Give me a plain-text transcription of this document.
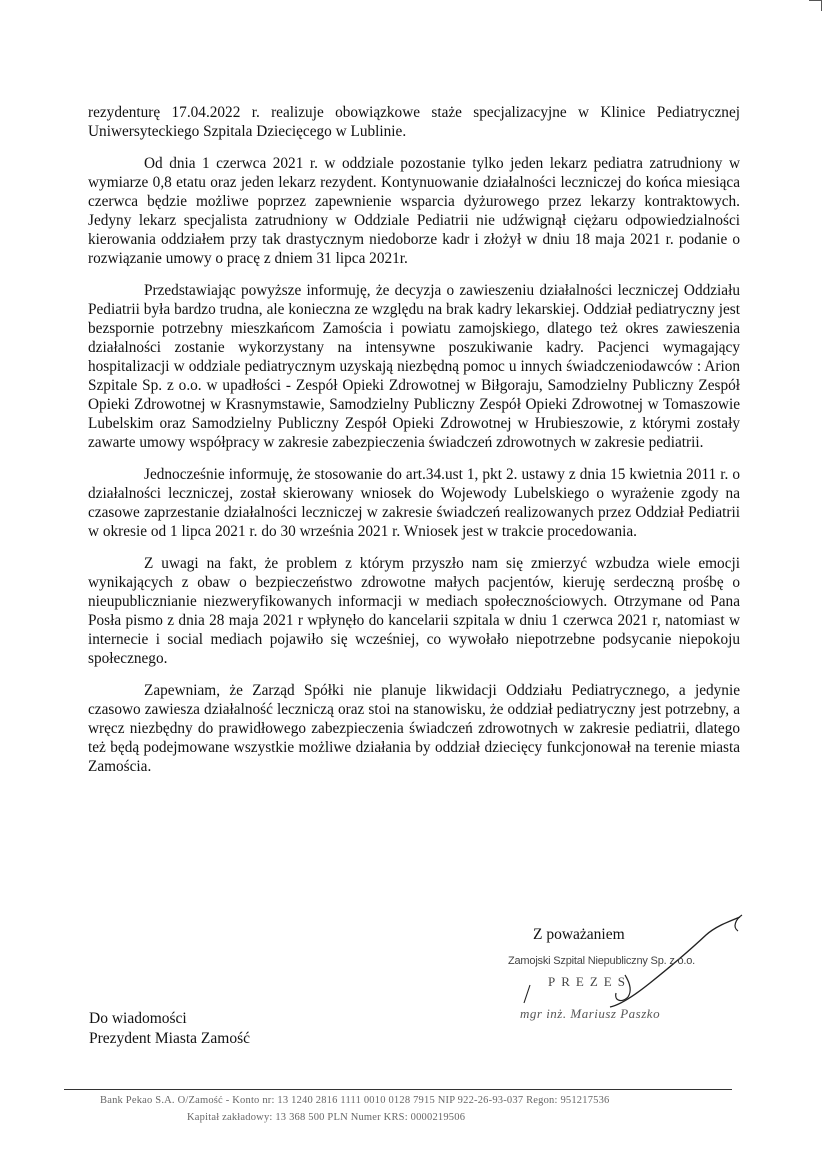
rezydenturę 17.04.2022 r. realizuje obowiązkowe staże specjalizacyjne w Klinice Pediatrycznej Uniwersyteckiego Szpitala Dziecięcego w Lublinie.

Od dnia 1 czerwca 2021 r. w oddziale pozostanie tylko jeden lekarz pediatra zatrudniony w wymiarze 0,8 etatu oraz jeden lekarz rezydent. Kontynuowanie działalności leczniczej do końca miesiąca czerwca będzie możliwe poprzez zapewnienie wsparcia dyżurowego przez lekarzy kontraktowych. Jedyny lekarz specjalista zatrudniony w Oddziale Pediatrii nie udźwignął ciężaru odpowiedzialności kierowania oddziałem przy tak drastycznym niedoborze kadr i złożył w dniu 18 maja 2021 r. podanie o rozwiązanie umowy o pracę z dniem 31 lipca 2021r.

Przedstawiając powyższe informuję, że decyzja o zawieszeniu działalności leczniczej Oddziału Pediatrii była bardzo trudna, ale konieczna ze względu na brak kadry lekarskiej. Oddział pediatryczny jest bezspornie potrzebny mieszkańcom Zamościa i powiatu zamojskiego, dlatego też okres zawieszenia działalności zostanie wykorzystany na intensywne poszukiwanie kadry. Pacjenci wymagający hospitalizacji w oddziale pediatrycznym uzyskają niezbędną pomoc u innych świadczeniodawców : Arion Szpitale Sp. z o.o. w upadłości - Zespół Opieki Zdrowotnej w Biłgoraju, Samodzielny Publiczny Zespół Opieki Zdrowotnej w Krasnymstawie, Samodzielny Publiczny Zespół Opieki Zdrowotnej w Tomaszowie Lubelskim oraz Samodzielny Publiczny Zespół Opieki Zdrowotnej w Hrubieszowie, z którymi zostały zawarte umowy współpracy w zakresie zabezpieczenia świadczeń zdrowotnych w zakresie pediatrii.

Jednocześnie informuję, że stosowanie do art.34.ust 1, pkt 2. ustawy z dnia 15 kwietnia 2011 r. o działalności leczniczej, został skierowany wniosek do Wojewody Lubelskiego o wyrażenie zgody na czasowe zaprzestanie działalności leczniczej w zakresie świadczeń realizowanych przez Oddział Pediatrii w okresie od 1 lipca 2021 r. do 30 września 2021 r. Wniosek jest w trakcie procedowania.

Z uwagi na fakt, że problem z którym przyszło nam się zmierzyć wzbudza wiele emocji wynikających z obaw o bezpieczeństwo zdrowotne małych pacjentów, kieruję serdeczną prośbę o nieupublicznianie niezweryfikowanych informacji w mediach społecznościowych. Otrzymane od Pana Posła pismo z dnia 28 maja 2021 r wpłynęło do kancelarii szpitala w dniu 1 czerwca 2021 r, natomiast w internecie i social mediach pojawiło się wcześniej, co wywołało niepotrzebne podsycanie niepokoju społecznego.

Zapewniam, że Zarząd Spółki nie planuje likwidacji Oddziału Pediatrycznego, a jedynie czasowo zawiesza działalność leczniczą oraz stoi na stanowisku, że oddział pediatryczny jest potrzebny, a wręcz niezbędny do prawidłowego zabezpieczenia świadczeń zdrowotnych w zakresie pediatrii, dlatego też będą podejmowane wszystkie możliwe działania by oddział dziecięcy funkcjonował na terenie miasta Zamościa.

Z poważaniem
Zamojski Szpital Niepubliczny Sp. z o.o.
PREZES
mgr inż. Mariusz Paszko
Do wiadomości
Prezydent Miasta Zamość
Bank Pekao S.A. O/Zamość - Konto nr: 13 1240 2816 1111 0010 0128 7915 NIP 922-26-93-037 Regon: 951217536
Kapitał zakładowy: 13 368 500 PLN Numer KRS: 0000219506
